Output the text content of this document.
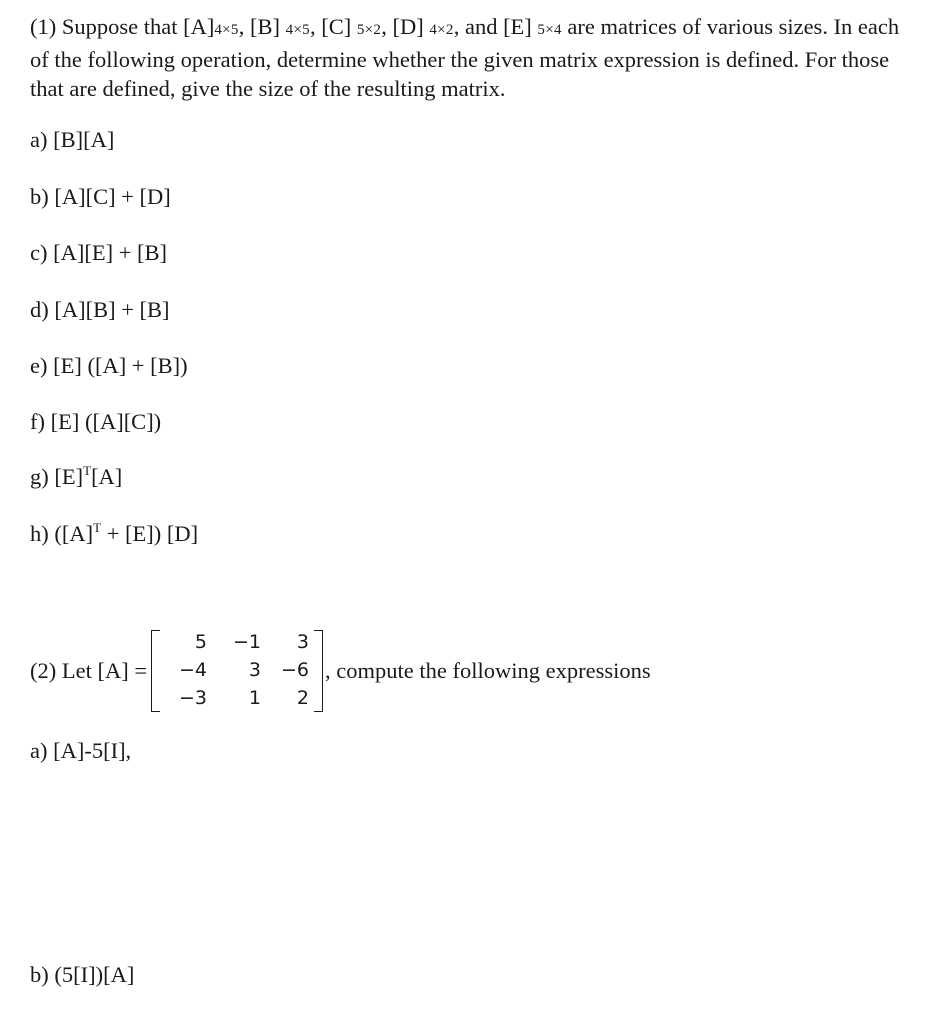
(1) Suppose that [A]4×5, [B] 4×5, [C] 5×2, [D] 4×2, and [E] 5×4 are matrices of various sizes. In each of the following operation, determine whether the given matrix expression is defined. For those that are defined, give the size of the resulting matrix.
a) [B][A]
b) [A][C] + [D]
c) [A][E] + [B]
d) [A][B] + [B]
e) [E] ([A] + [B])
f) [E] ([A][C])
g) $[E]^T[A]$
h) $([A]^T + [E])$ [D]
(2) Let [A] =
5	−1	3
−4	3	−6
−3	1	2
, compute the following expressions
a) [A]-5[I],
b) (5[I])[A]
